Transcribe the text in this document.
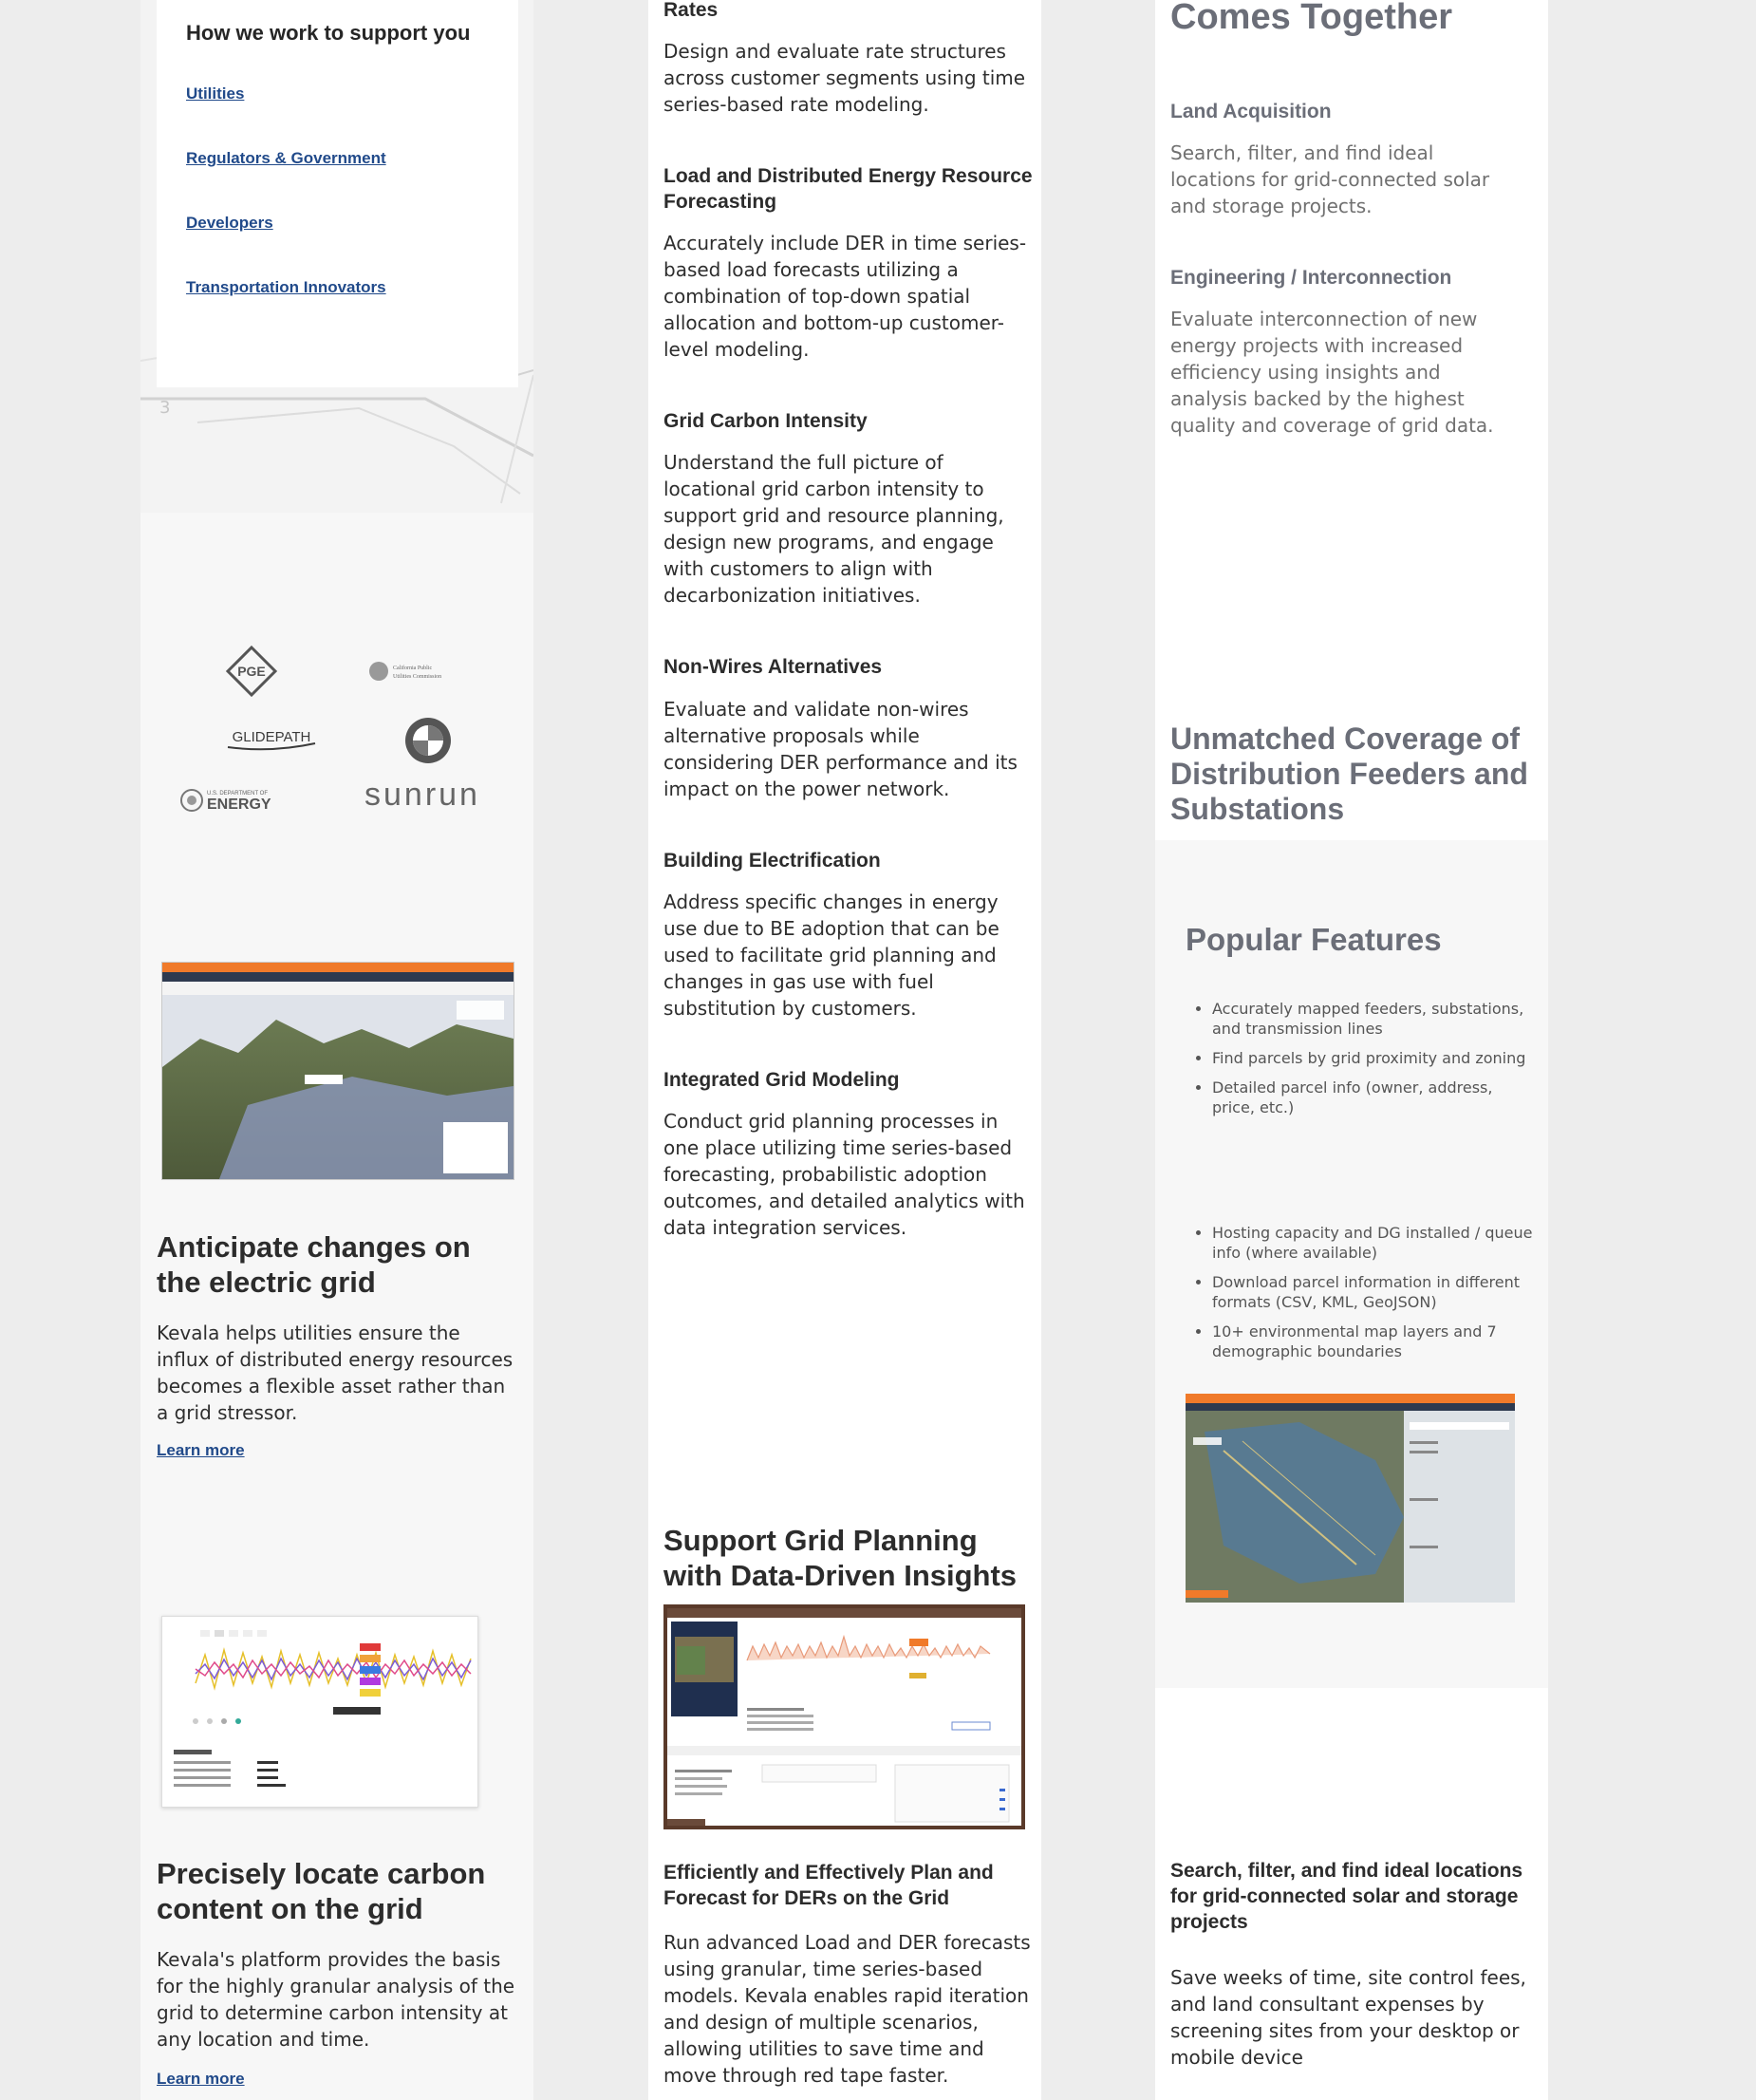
3
How we work to support you
Utilities
Regulators & Government
Developers
Transportation Innovators
PGE	California Public
Utilities Commission
GLIDEPATH
U.S. DEPARTMENT OF
ENERGY	sunrun
Anticipate changes on the electric grid
Kevala helps utilities ensure the influx of distributed energy resources becomes a flexible asset rather than a grid stressor.
Learn more
Precisely locate carbon content on the grid
Kevala's platform provides the basis for the highly granular analysis of the grid to determine carbon intensity at any location and time.
Learn more
Rates
Design and evaluate rate structures across customer segments using time series-based rate modeling.
Load and Distributed Energy Resource Forecasting
Accurately include DER in time series-based load forecasts utilizing a combination of top-down spatial allocation and bottom-up customer-level modeling.
Grid Carbon Intensity
Understand the full picture of locational grid carbon intensity to support grid and resource planning, design new programs, and engage with customers to align with decarbonization initiatives.
Non-Wires Alternatives
Evaluate and validate non-wires alternative proposals while considering DER performance and its impact on the power network.
Building Electrification
Address specific changes in energy use due to BE adoption that can be used to facilitate grid planning and changes in gas use with fuel substitution by customers.
Integrated Grid Modeling
Conduct grid planning processes in one place utilizing time series-based forecasting, probabilistic adoption outcomes, and detailed analytics with data integration services.
Support Grid Planning with Data-Driven Insights
Efficiently and Effectively Plan and Forecast for DERs on the Grid
Run advanced Load and DER forecasts using granular, time series-based models. Kevala enables rapid iteration and design of multiple scenarios, allowing utilities to save time and move through red tape faster.
Comes Together
Land Acquisition
Search, filter, and find ideal locations for grid-connected solar and storage projects.
Engineering / Interconnection
Evaluate interconnection of new energy projects with increased efficiency using insights and analysis backed by the highest quality and coverage of grid data.
Unmatched Coverage of Distribution Feeders and Substations
Popular Features
• Accurately mapped feeders, substations, and transmission lines
• Find parcels by grid proximity and zoning
• Detailed parcel info (owner, address, price, etc.)
• Hosting capacity and DG installed / queue info (where available)
• Download parcel information in different formats (CSV, KML, GeoJSON)
• 10+ environmental map layers and 7 demographic boundaries
Search, filter, and find ideal locations for grid-connected solar and storage projects
Save weeks of time, site control fees, and land consultant expenses by screening sites from your desktop or mobile device
